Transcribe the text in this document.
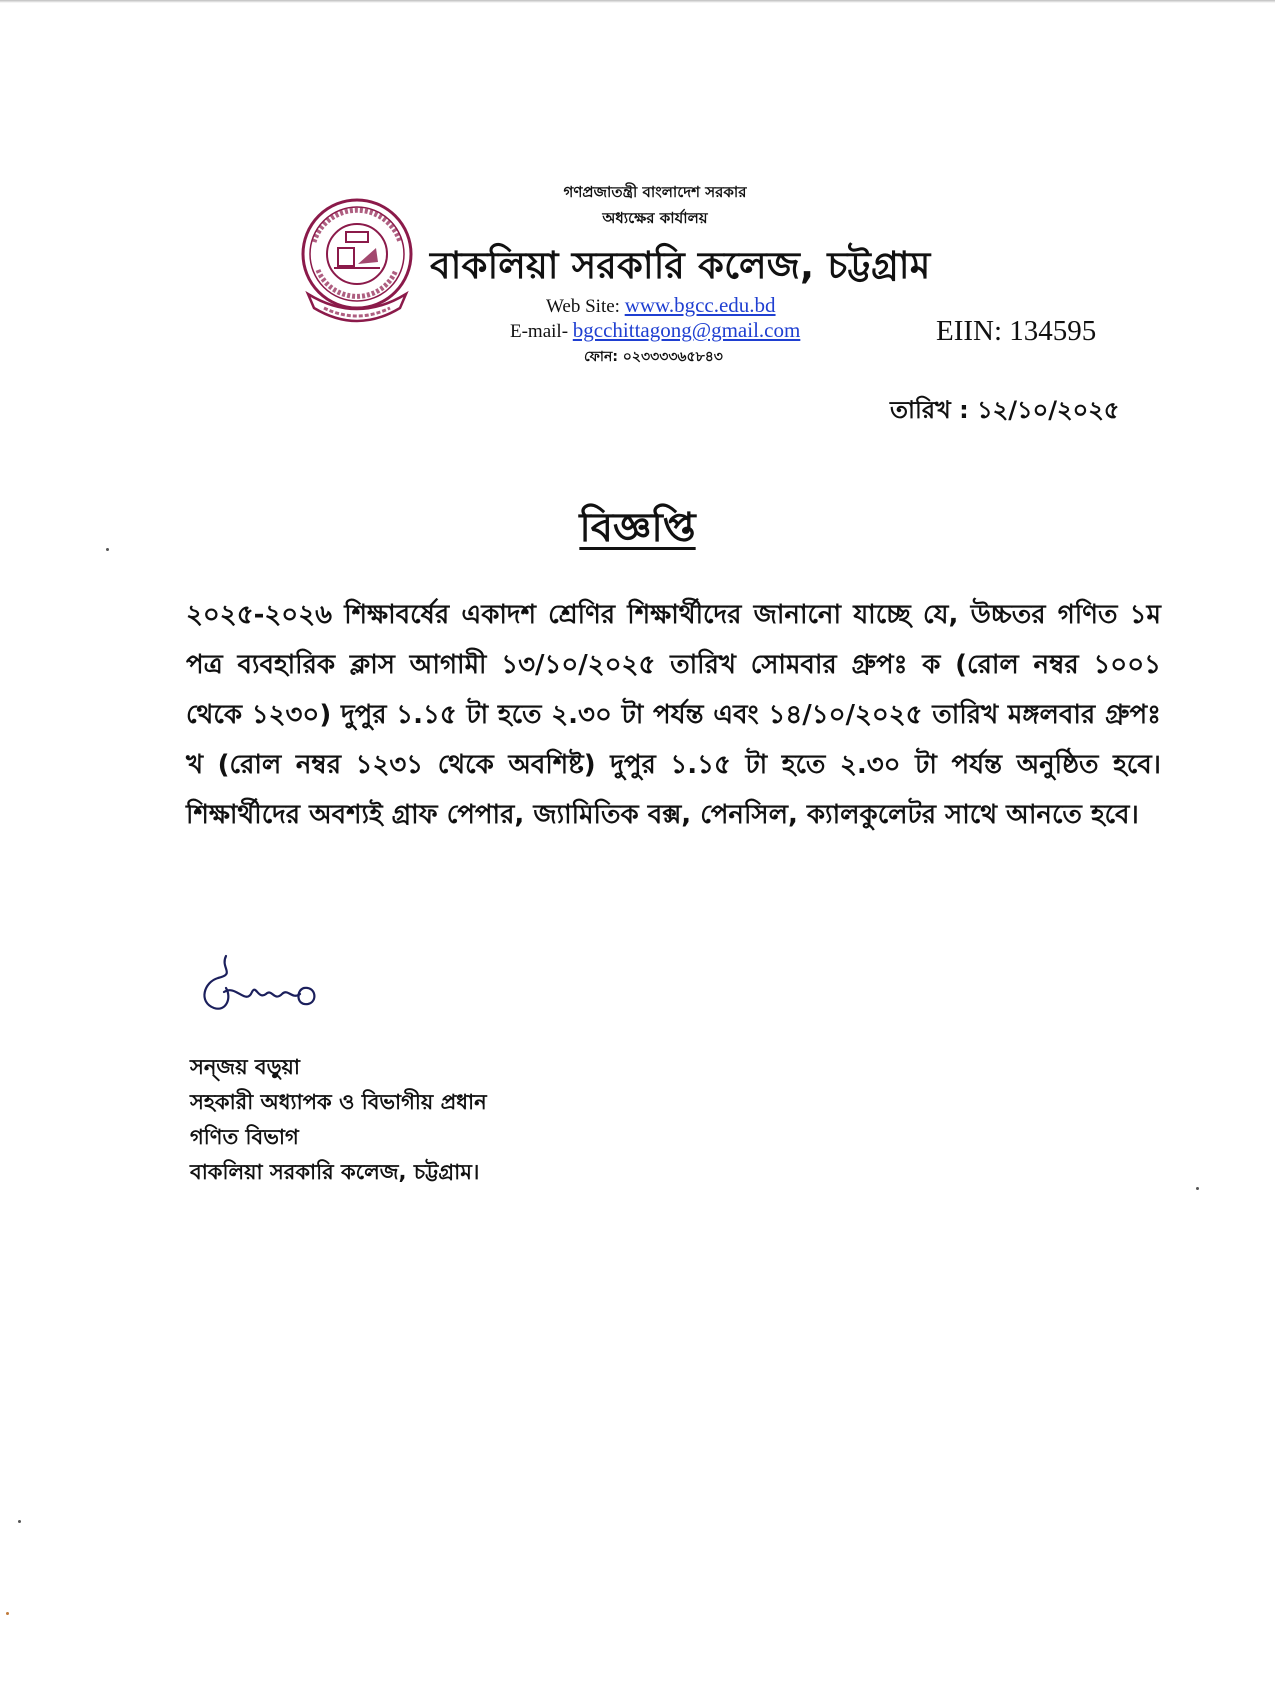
গণপ্রজাতন্ত্রী বাংলাদেশ সরকার
অধ্যক্ষের কার্যালয়
বাকলিয়া সরকারি কলেজ, চট্টগ্রাম
Web Site: www.bgcc.edu.bd
E-mail- bgcchittagong@gmail.com
ফোন: ০২৩৩৩৩৬৫৮৪৩
EIIN: 134595
তারিখ : ১২/১০/২০২৫
বিজ্ঞপ্তি
২০২৫-২০২৬ শিক্ষাবর্ষের একাদশ শ্রেণির শিক্ষার্থীদের জানানো যাচ্ছে যে, উচ্চতর গণিত ১ম পত্র ব্যবহারিক ক্লাস আগামী ১৩/১০/২০২৫ তারিখ সোমবার গ্রুপঃ ক (রোল নম্বর ১০০১ থেকে ১২৩০) দুপুর ১.১৫ টা হতে ২.৩০ টা পর্যন্ত এবং ১৪/১০/২০২৫ তারিখ মঙ্গলবার গ্রুপঃ খ (রোল নম্বর ১২৩১ থেকে অবশিষ্ট) দুপুর ১.১৫ টা হতে ২.৩০ টা পর্যন্ত অনুষ্ঠিত হবে। শিক্ষার্থীদের অবশ্যই গ্রাফ পেপার, জ্যামিতিক বক্স, পেনসিল, ক্যালকুলেটর সাথে আনতে হবে।
সন্জয় বড়ুয়া
সহকারী অধ্যাপক ও বিভাগীয় প্রধান
গণিত বিভাগ
বাকলিয়া সরকারি কলেজ, চট্টগ্রাম।
